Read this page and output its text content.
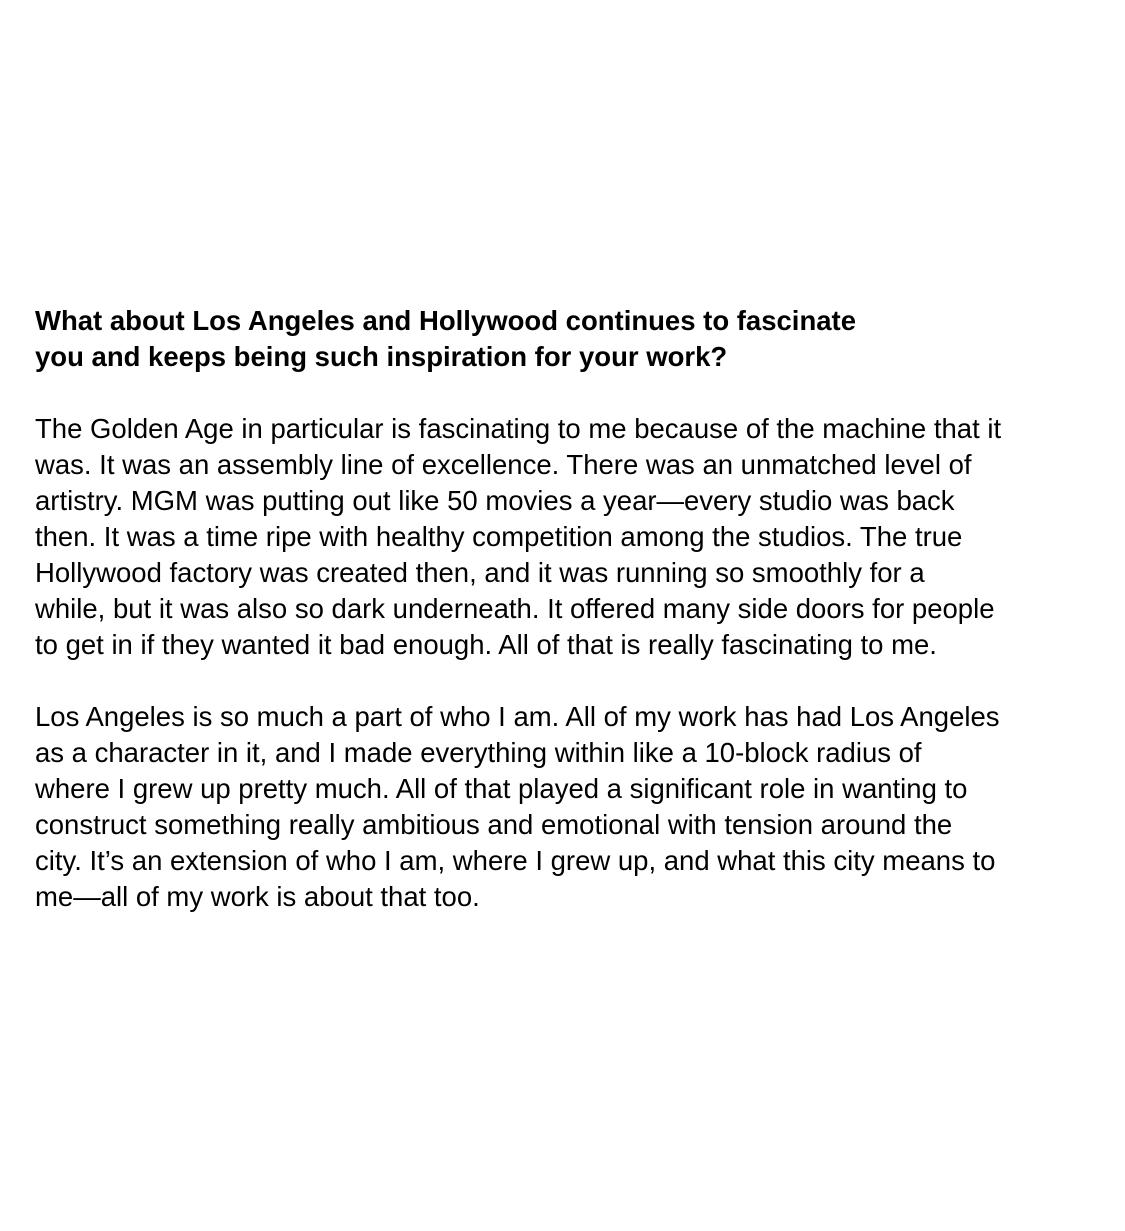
What about Los Angeles and Hollywood continues to fascinate
you and keeps being such inspiration for your work?

The Golden Age in particular is fascinating to me because of the machine that it
was. It was an assembly line of excellence. There was an unmatched level of
artistry. MGM was putting out like 50 movies a year—every studio was back
then. It was a time ripe with healthy competition among the studios. The true
Hollywood factory was created then, and it was running so smoothly for a
while, but it was also so dark underneath. It offered many side doors for people
to get in if they wanted it bad enough. All of that is really fascinating to me.

Los Angeles is so much a part of who I am. All of my work has had Los Angeles
as a character in it, and I made everything within like a 10-block radius of
where I grew up pretty much. All of that played a significant role in wanting to
construct something really ambitious and emotional with tension around the
city. It’s an extension of who I am, where I grew up, and what this city means to
me—all of my work is about that too.
